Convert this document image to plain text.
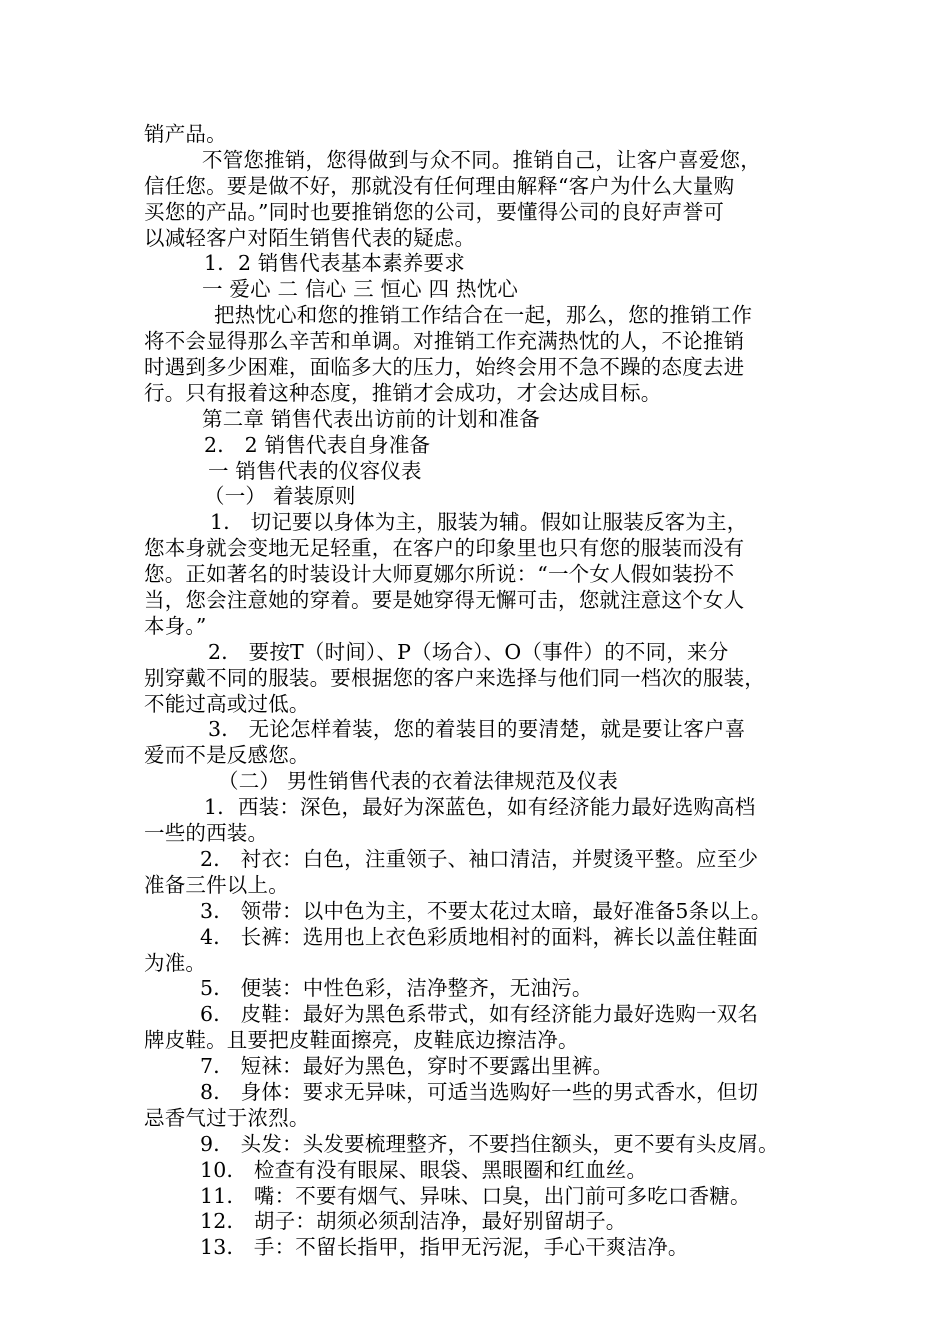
销产品。
不管您推销，您得做到与众不同。推销自己，让客户喜爱您，
信任您。要是做不好，那就没有任何理由解释“客户为什么大量购
买您的产品。”同时也要推销您的公司，要懂得公司的良好声誉可
以减轻客户对陌生销售代表的疑虑。
1．2 销售代表基本素养要求
一 爱心 二 信心 三 恒心 四 热忱心
把热忱心和您的推销工作结合在一起，那么，您的推销工作
将不会显得那么辛苦和单调。对推销工作充满热忱的人，不论推销
时遇到多少困难，面临多大的压力，始终会用不急不躁的态度去进
行。只有报着这种态度，推销才会成功，才会达成目标。
第二章 销售代表出访前的计划和准备
2． 2 销售代表自身准备
一 销售代表的仪容仪表
（一） 着装原则
1． 切记要以身体为主，服装为辅。假如让服装反客为主，
您本身就会变地无足轻重，在客户的印象里也只有您的服装而没有
您。正如著名的时装设计大师夏娜尔所说：“一个女人假如装扮不
当，您会注意她的穿着。要是她穿得无懈可击，您就注意这个女人
本身。”
2． 要按T（时间）、P（场合）、O（事件）的不同，来分
别穿戴不同的服装。要根据您的客户来选择与他们同一档次的服装，
不能过高或过低。
3． 无论怎样着装，您的着装目的要清楚，就是要让客户喜
爱而不是反感您。
（二） 男性销售代表的衣着法律规范及仪表
1．西装：深色，最好为深蓝色，如有经济能力最好选购高档
一些的西装。
2． 衬衣：白色，注重领子、袖口清洁，并熨烫平整。应至少
准备三件以上。
3． 领带：以中色为主，不要太花过太暗，最好准备5条以上。
4． 长裤：选用也上衣色彩质地相衬的面料，裤长以盖住鞋面
为准。
5． 便装：中性色彩，洁净整齐，无油污。
6． 皮鞋：最好为黑色系带式，如有经济能力最好选购一双名
牌皮鞋。且要把皮鞋面擦亮，皮鞋底边擦洁净。
7． 短袜：最好为黑色，穿时不要露出里裤。
8． 身体：要求无异味，可适当选购好一些的男式香水，但切
忌香气过于浓烈。
9． 头发：头发要梳理整齐，不要挡住额头，更不要有头皮屑。
10． 检查有没有眼屎、眼袋、黑眼圈和红血丝。
11． 嘴：不要有烟气、异味、口臭，出门前可多吃口香糖。
12． 胡子：胡须必须刮洁净，最好别留胡子。
13． 手：不留长指甲，指甲无污泥，手心干爽洁净。
